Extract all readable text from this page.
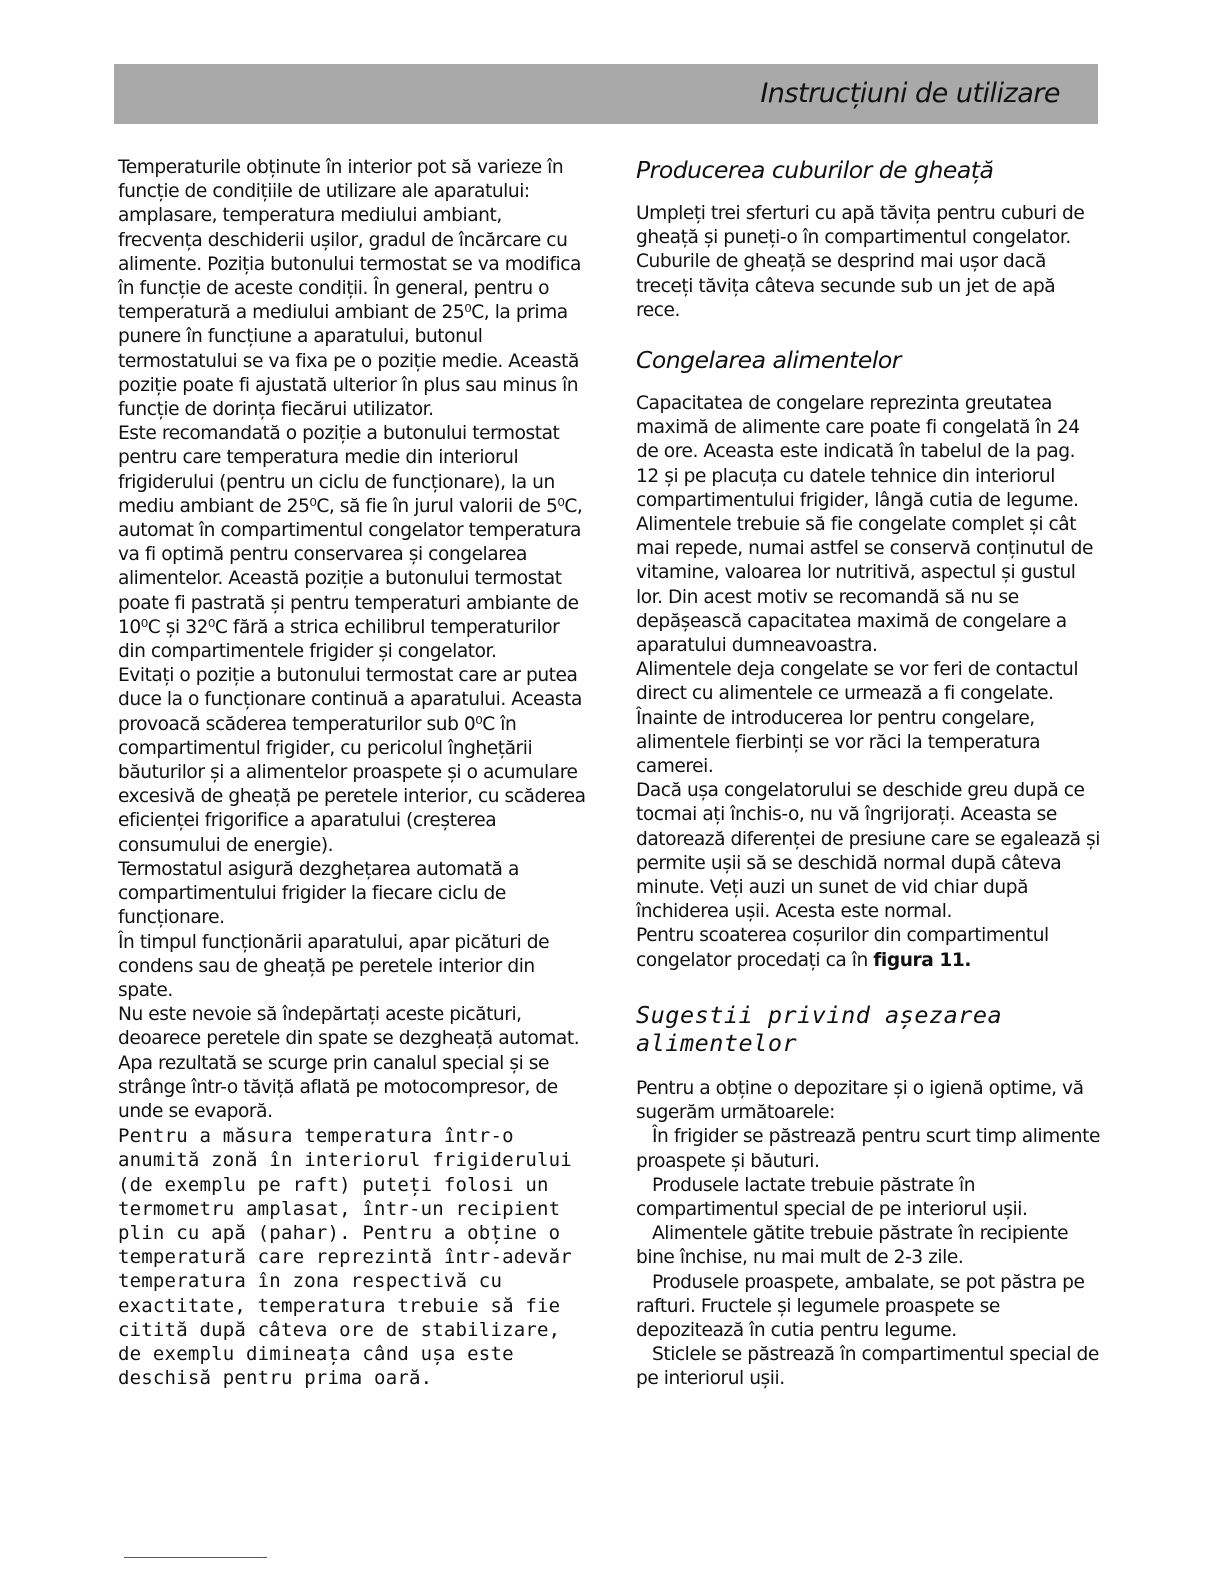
Instrucțiuni de utilizare

Temperaturile obținute în interior pot să varieze în funcție de condițiile de utilizare ale aparatului: amplasare, temperatura mediului ambiant, frecvența deschiderii ușilor, gradul de încărcare cu alimente. Poziția butonului termostat se va modifica în funcție de aceste condiții. În general, pentru o temperatură a mediului ambiant de 25⁰C, la prima punere în funcțiune a aparatului, butonul termostatului se va fixa pe o poziție medie. Această poziție poate fi ajustată ulterior în plus sau minus în funcție de dorința fiecărui utilizator.

Este recomandată o poziție a butonului termostat pentru care temperatura medie din interiorul frigiderului (pentru un ciclu de funcționare), la un mediu ambiant de 25⁰C, să fie în jurul valorii de 5⁰C, automat în compartimentul congelator temperatura va fi optimă pentru conservarea și congelarea alimentelor. Această poziție a butonului termostat poate fi pastrată și pentru temperaturi ambiante de 10⁰C și 32⁰C fără a strica echilibrul temperaturilor din compartimentele frigider și congelator.

Evitați o poziție a butonului termostat care ar putea duce la o funcționare continuă a aparatului. Aceasta provoacă scăderea temperaturilor sub 0⁰C în compartimentul frigider, cu pericolul înghețării băuturilor și a alimentelor proaspete și o acumulare excesivă de gheață pe peretele interior, cu scăderea eficienței frigorifice a aparatului (creșterea consumului de energie).

Termostatul asigură dezghețarea automată a compartimentului frigider la fiecare ciclu de funcționare.

În timpul funcționării aparatului, apar picături de condens sau de gheață pe peretele interior din spate.

Nu este nevoie să îndepărtați aceste picături, deoarece peretele din spate se dezgheață automat. Apa rezultată se scurge prin canalul special și se strânge într-o tăviță aflată pe motocompresor, de unde se evaporă.

Pentru a măsura temperatura într-o anumită zonă în interiorul frigiderului (de exemplu pe raft) puteți folosi un termometru amplasat, într-un recipient plin cu apă (pahar). Pentru a obține o temperatură care reprezintă într-adevăr temperatura în zona respectivă cu exactitate, temperatura trebuie să fie citită după câteva ore de stabilizare, de exemplu dimineața când ușa este deschisă pentru prima oară.

Producerea cuburilor de gheață

Umpleți trei sferturi cu apă tăvița pentru cuburi de gheață și puneți-o în compartimentul congelator. Cuburile de gheață se desprind mai ușor dacă treceți tăvița câteva secunde sub un jet de apă rece.

Congelarea alimentelor

Capacitatea de congelare reprezinta greutatea maximă de alimente care poate fi congelată în 24 de ore. Aceasta este indicată în tabelul de la pag. 12 și pe placuța cu datele tehnice din interiorul compartimentului frigider, lângă cutia de legume.

Alimentele trebuie să fie congelate complet și cât mai repede, numai astfel se conservă conținutul de vitamine, valoarea lor nutritivă, aspectul și gustul lor. Din acest motiv se recomandă să nu se depășească capacitatea maximă de congelare a aparatului dumneavoastra.

Alimentele deja congelate se vor feri de contactul direct cu alimentele ce urmează a fi congelate.

Înainte de introducerea lor pentru congelare, alimentele fierbinți se vor răci la temperatura camerei.

Dacă ușa congelatorului se deschide greu după ce tocmai ați închis-o, nu vă îngrijorați. Aceasta se datorează diferenței de presiune care se egalează și permite ușii să se deschidă normal după câteva minute. Veți auzi un sunet de vid chiar după închiderea ușii. Acesta este normal.

Pentru scoaterea coșurilor din compartimentul congelator procedați ca în figura 11.

Sugestii privind așezarea alimentelor

Pentru a obține o depozitare și o igienă optime, vă sugerăm următoarele:

În frigider se păstrează pentru scurt timp alimente proaspete și băuturi.

Produsele lactate trebuie păstrate în compartimentul special de pe interiorul ușii.

Alimentele gătite trebuie păstrate în recipiente bine închise, nu mai mult de 2-3 zile.

Produsele proaspete, ambalate, se pot păstra pe rafturi. Fructele și legumele proaspete se depozitează în cutia pentru legume.

Sticlele se păstrează în compartimentul special de pe interiorul ușii.
